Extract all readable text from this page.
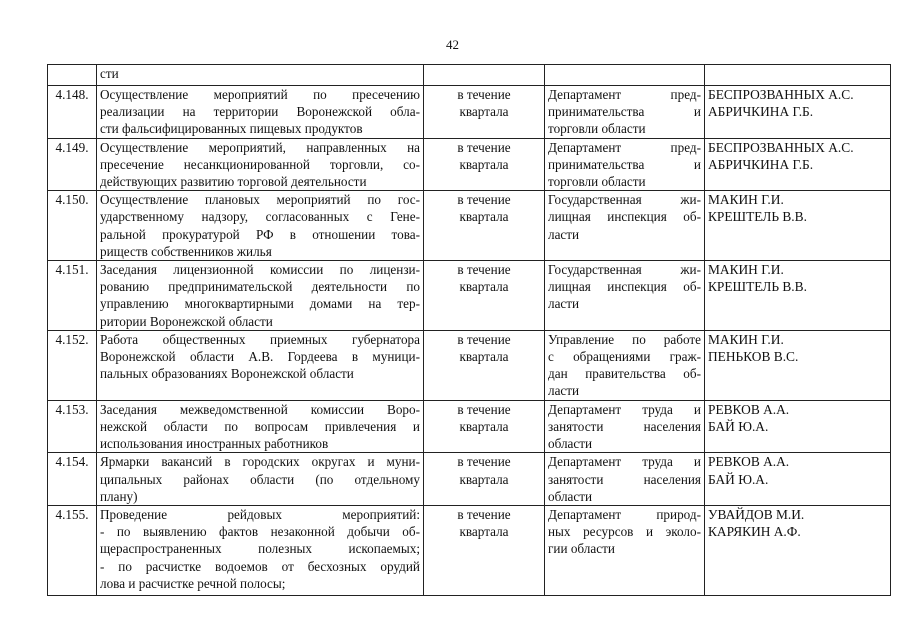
42

	сти			

4.148.	Осуществление мероприятий по пресечению
реализации на территории Воронежской обла-
сти фальсифицированных пищевых продуктов	в течение
квартала	Департамент пред-
принимательства и
торговли области	БЕСПРОЗВАННЫХ А.С.
АБРИЧКИНА Г.Б.

4.149.	Осуществление мероприятий, направленных на
пресечение несанкционированной торговли, со-
действующих развитию торговой деятельности	в течение
квартала	Департамент пред-
принимательства и
торговли области	БЕСПРОЗВАННЫХ А.С.
АБРИЧКИНА Г.Б.

4.150.	Осуществление плановых мероприятий по гос-
ударственному надзору, согласованных с Гене-
ральной прокуратурой РФ в отношении това-
риществ собственников жилья	в течение
квартала	Государственная жи-
лищная инспекция об-
ласти	МАКИН Г.И.
КРЕШТЕЛЬ В.В.

4.151.	Заседания лицензионной комиссии по лицензи-
рованию предпринимательской деятельности по
управлению многоквартирными домами на тер-
ритории Воронежской области	в течение
квартала	Государственная жи-
лищная инспекция об-
ласти	МАКИН Г.И.
КРЕШТЕЛЬ В.В.

4.152.	Работа общественных приемных губернатора
Воронежской области А.В. Гордеева в муници-
пальных образованиях Воронежской области	в течение
квартала	Управление по работе
с обращениями граж-
дан правительства об-
ласти	МАКИН Г.И.
ПЕНЬКОВ В.С.

4.153.	Заседания межведомственной комиссии Воро-
нежской области по вопросам привлечения и
использования иностранных работников	в течение
квартала	Департамент труда и
занятости населения
области	РЕВКОВ А.А.
БАЙ Ю.А.

4.154.	Ярмарки вакансий в городских округах и муни-
ципальных районах области (по отдельному
плану)	в течение
квартала	Департамент труда и
занятости населения
области	РЕВКОВ А.А.
БАЙ Ю.А.

4.155.	Проведение рейдовых мероприятий:
- по выявлению фактов незаконной добычи об-
щераспространенных полезных ископаемых;
- по расчистке водоемов от бесхозных орудий
лова и расчистке речной полосы;	в течение
квартала	Департамент природ-
ных ресурсов и эколо-
гии области	УВАЙДОВ М.И.
КАРЯКИН А.Ф.
